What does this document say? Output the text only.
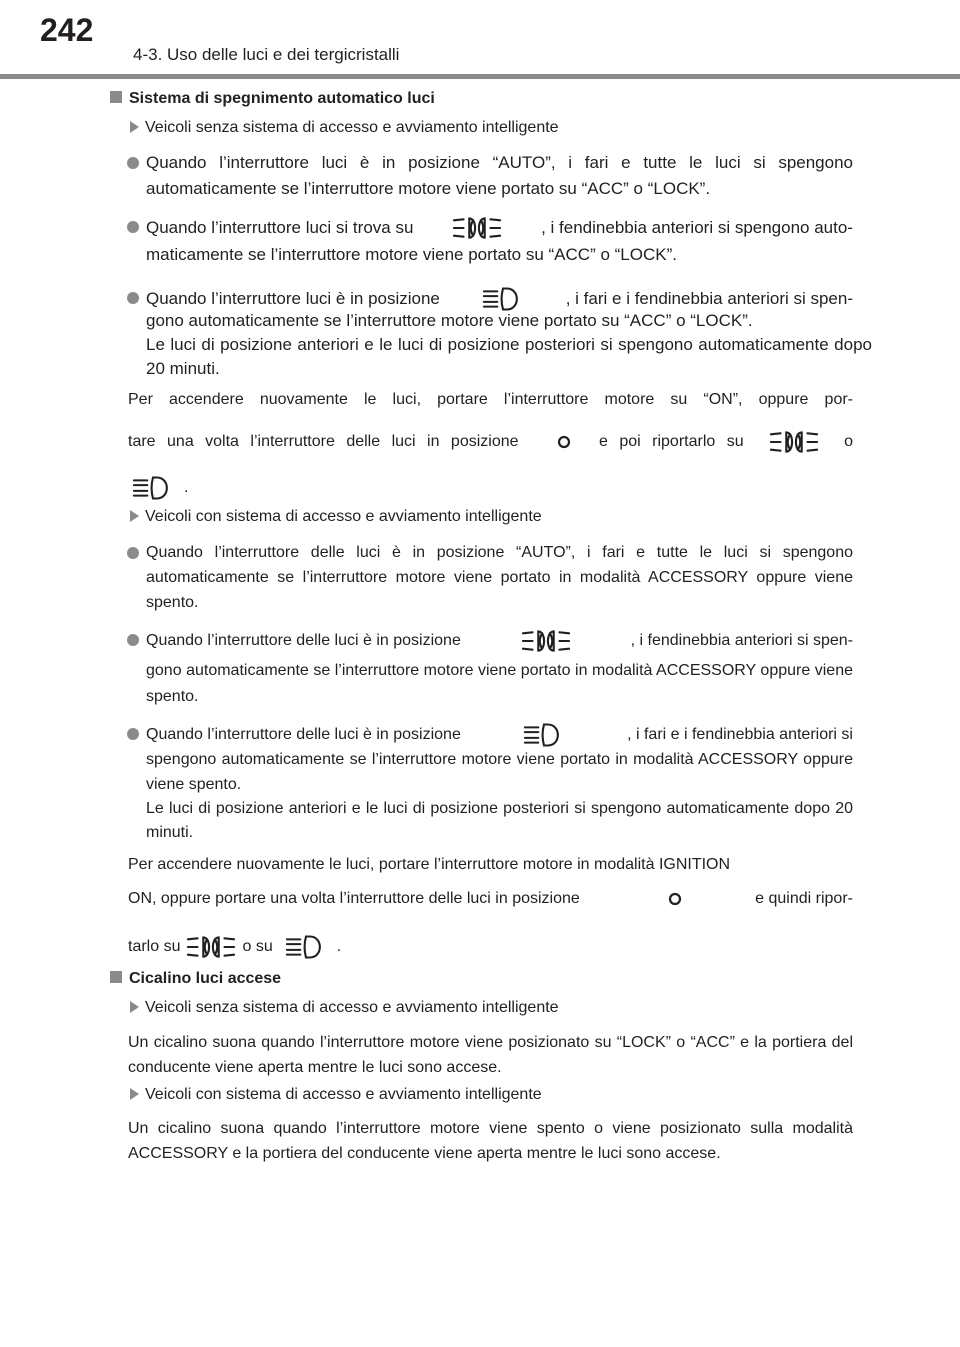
242
4-3. Uso delle luci e dei tergicristalli
Sistema di spegnimento automatico luci
Veicoli senza sistema di accesso e avviamento intelligente
Quando l’interruttore luci è in posizione “AUTO”, i fari e tutte le luci si spengono automaticamente se l’interruttore motore viene portato su “ACC” o “LOCK”.
Quando l’interruttore luci si trova su	, i fendinebbia anteriori si spengono auto-
maticamente se l’interruttore motore viene portato su “ACC” o “LOCK”.
Quando l’interruttore luci è in posizione	, i fari e i fendinebbia anteriori si spen-
gono automaticamente se l’interruttore motore viene portato su “ACC” o “LOCK”.
Le luci di posizione anteriori e le luci di posizione posteriori si spengono automaticamente dopo 20 minuti.
Per accendere nuovamente le luci, portare l’interruttore motore su “ON”, oppure por-
tare una volta l’interruttore delle luci in posizione	e poi riportarlo su	o
.
Veicoli con sistema di accesso e avviamento intelligente
Quando l’interruttore delle luci è in posizione “AUTO”, i fari e tutte le luci si spengono automaticamente se l’interruttore motore viene portato in modalità ACCESSORY oppure viene spento.
Quando l’interruttore delle luci è in posizione	, i fendinebbia anteriori si spen-
gono automaticamente se l’interruttore motore viene portato in modalità ACCESSORY oppure viene spento.
Quando l’interruttore delle luci è in posizione	, i fari e i fendinebbia anteriori si
spengono automaticamente se l’interruttore motore viene portato in modalità ACCESSORY oppure viene spento.
Le luci di posizione anteriori e le luci di posizione posteriori si spengono automaticamente dopo 20 minuti.
Per accendere nuovamente le luci, portare l’interruttore motore in modalità IGNITION
ON, oppure portare una volta l’interruttore delle luci in posizione	e quindi ripor-
tarlo su	o su	.
Cicalino luci accese
Veicoli senza sistema di accesso e avviamento intelligente
Un cicalino suona quando l’interruttore motore viene posizionato su “LOCK” o “ACC” e la portiera del conducente viene aperta mentre le luci sono accese.
Veicoli con sistema di accesso e avviamento intelligente
Un cicalino suona quando l’interruttore motore viene spento o viene posizionato sulla modalità ACCESSORY e la portiera del conducente viene aperta mentre le luci sono accese.
